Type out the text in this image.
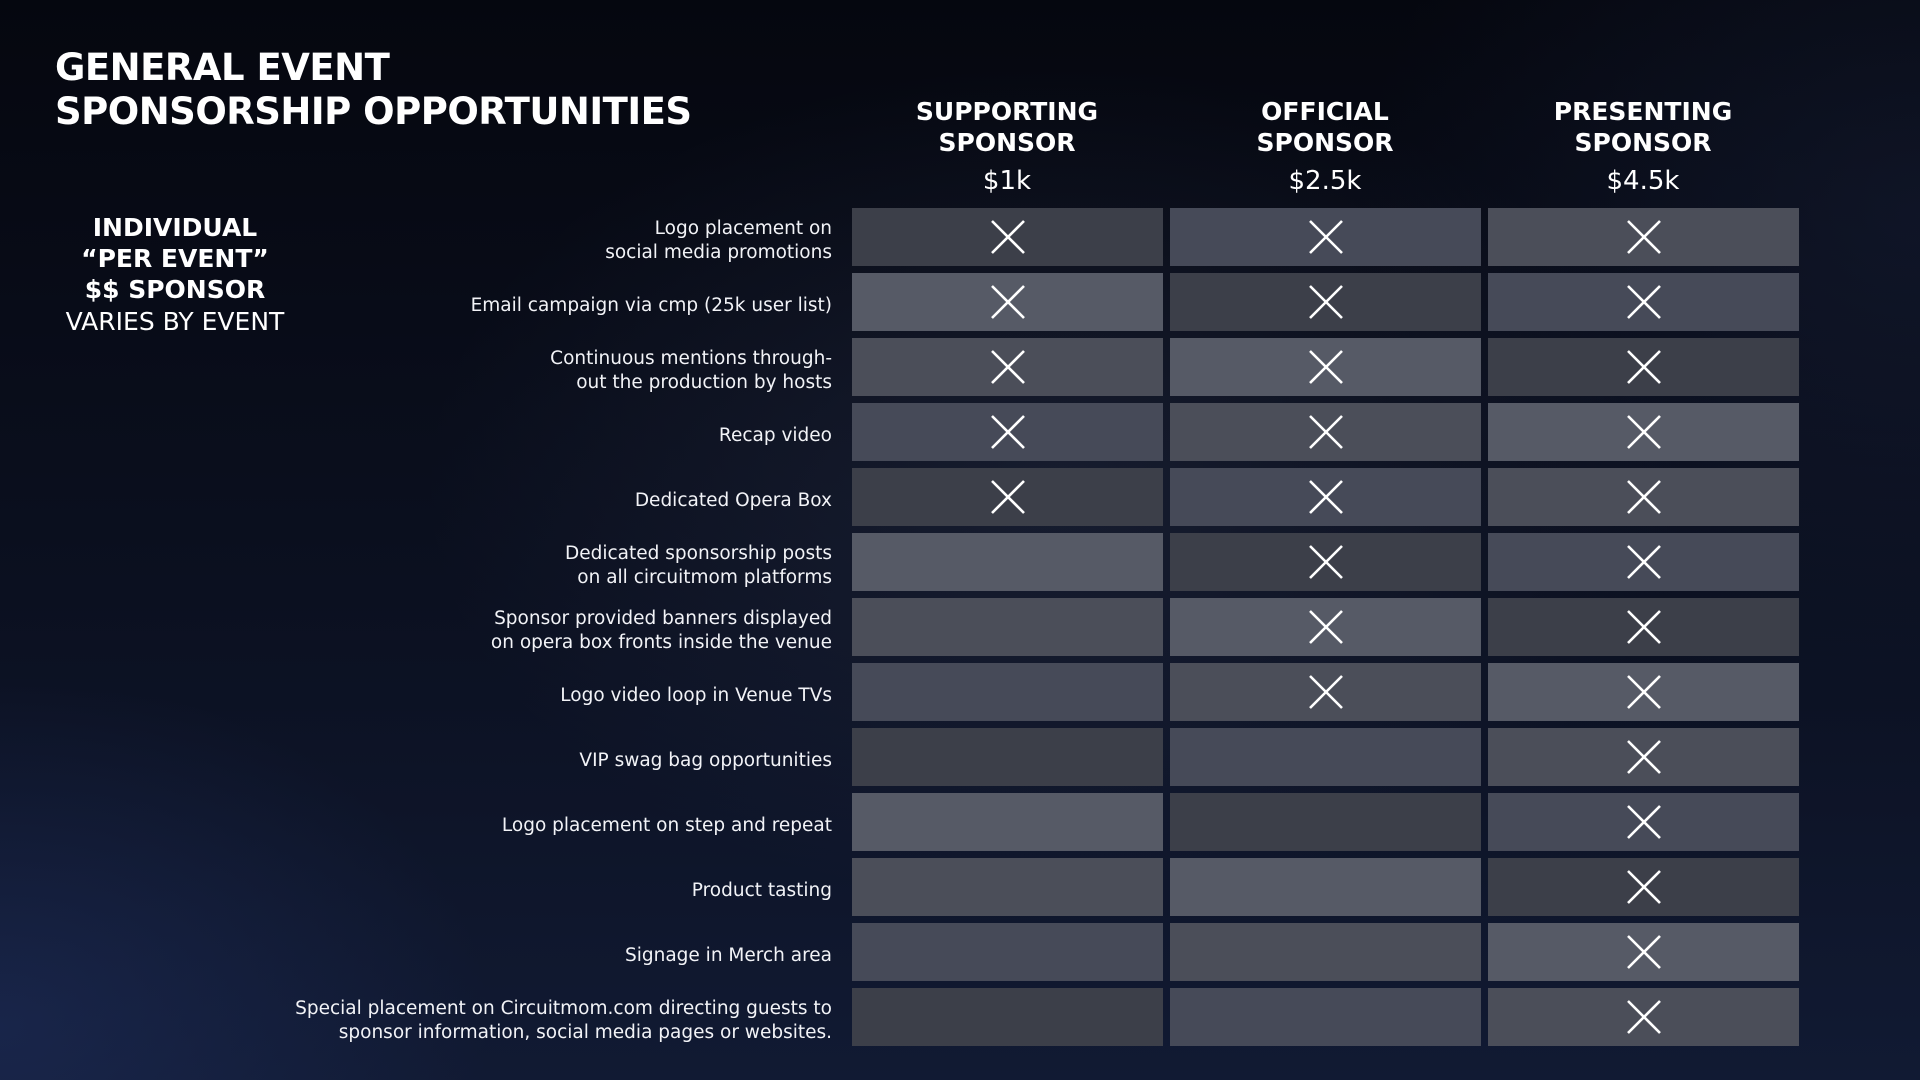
GENERAL EVENT
SPONSORSHIP OPPORTUNITIES
INDIVIDUAL
“PER EVENT”
$$ SPONSOR
VARIES BY EVENT
SUPPORTING
SPONSOR
$1k
OFFICIAL
SPONSOR
$2.5k
PRESENTING
SPONSOR
$4.5k
Logo placement on
social media promotions
Email campaign via cmp (25k user list)
Continuous mentions through-
out the production by hosts
Recap video
Dedicated Opera Box
Dedicated sponsorship posts
on all circuitmom platforms
Sponsor provided banners displayed
on opera box fronts inside the venue
Logo video loop in Venue TVs
VIP swag bag opportunities
Logo placement on step and repeat
Product tasting
Signage in Merch area
Special placement on Circuitmom.com directing guests to
sponsor information, social media pages or websites.
